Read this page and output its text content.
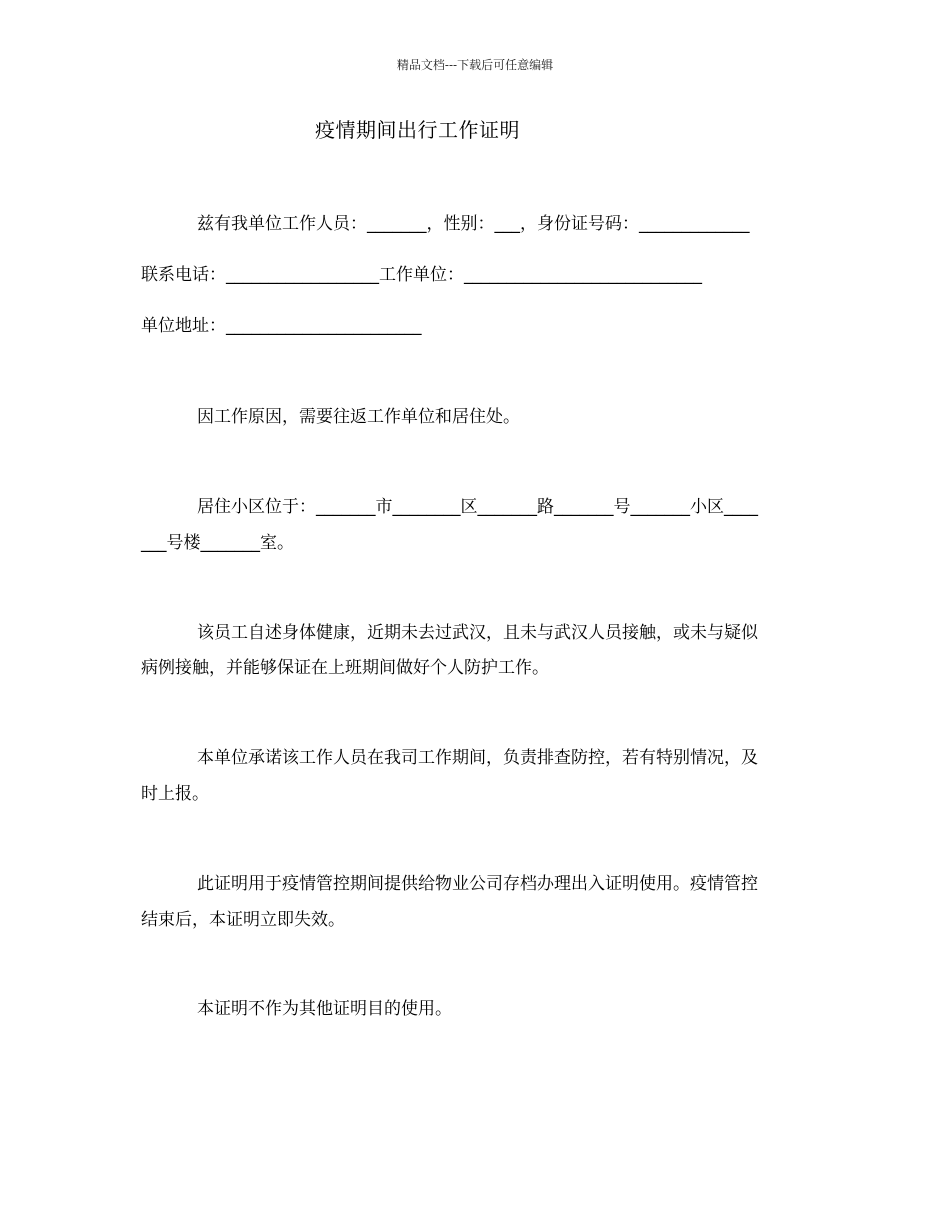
精品文档---下载后可任意编辑
疫情期间出行工作证明
兹有我单位工作人员：_______，性别：___，身份证号码：_____________
联系电话：__________________工作单位：____________________________
单位地址：_______________________
因工作原因，需要往返工作单位和居住处。
居住小区位于：_______市________区_______路_______号_______小区____
___号楼_______室。
该员工自述身体健康，近期未去过武汉，且未与武汉人员接触，或未与疑似
病例接触，并能够保证在上班期间做好个人防护工作。
本单位承诺该工作人员在我司工作期间，负责排查防控，若有特别情况，及
时上报。
此证明用于疫情管控期间提供给物业公司存档办理出入证明使用。疫情管控
结束后，本证明立即失效。
本证明不作为其他证明目的使用。
